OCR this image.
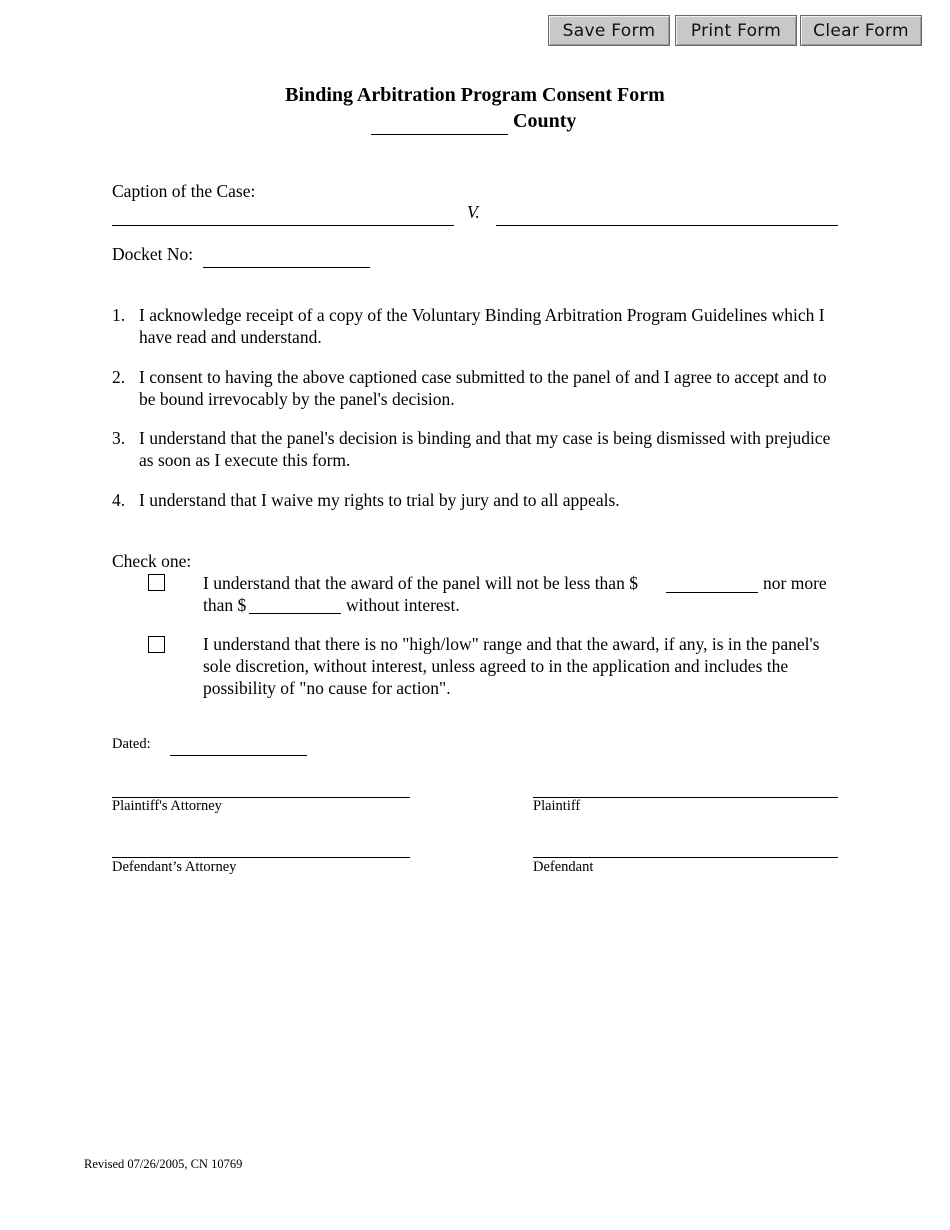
Save Form	Print Form	Clear Form
Binding Arbitration Program Consent Form
County
Caption of the Case:
V.
Docket No:
1. I acknowledge receipt of a copy of the Voluntary Binding Arbitration Program Guidelines which I have read and understand.
2. I consent to having the above captioned case submitted to the panel of and I agree to accept and to be bound irrevocably by the panel's decision.
3. I understand that the panel's decision is binding and that my case is being dismissed with prejudice as soon as I execute this form.
4. I understand that I waive my rights to trial by jury and to all appeals.
Check one:
I understand that the award of the panel will not be less than $	nor more
than $	without interest.
I understand that there is no "high/low" range and that the award, if any, is in the panel's sole discretion, without interest, unless agreed to in the application and includes the possibility of "no cause for action".
Dated:
Plaintiff's Attorney	Plaintiff
Defendant’s Attorney	Defendant
Revised 07/26/2005, CN 10769
